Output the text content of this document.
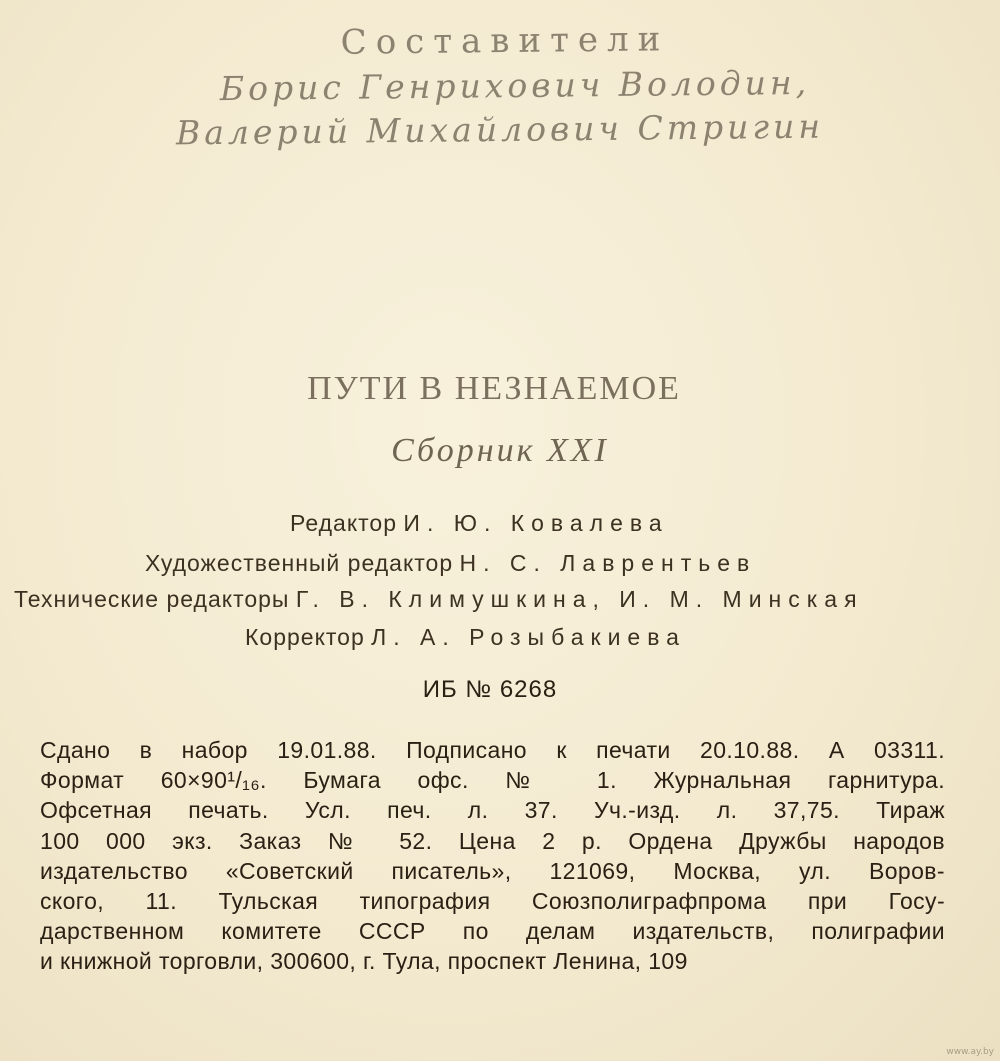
Составители
Борис Генрихович Володин,
Валерий Михайлович Стригин
ПУТИ В НЕЗНАЕМОЕ
Сборник XXI
Редактор И. Ю. Ковалева
Художественный редактор Н. С. Лаврентьев
Технические редакторы Г. В. Климушкина, И. М. Минская
Корректор Л. А. Розыбакиева
ИБ № 6268
Сдано в набор 19.01.88. Подписано к печати 20.10.88. А 03311.
Формат 60×90¹/₁₆. Бумага офс. № 1. Журнальная гарнитура.
Офсетная печать. Усл. печ. л. 37. Уч.-изд. л. 37,75. Тираж
100 000 экз. Заказ № 52. Цена 2 р. Ордена Дружбы народов
издательство «Советский писатель», 121069, Москва, ул. Воров-
ского, 11. Тульская типография Союзполиграфпрома при Госу-
дарственном комитете СССР по делам издательств, полиграфии
и книжной торговли, 300600, г. Тула, проспект Ленина, 109
www.ay.by
